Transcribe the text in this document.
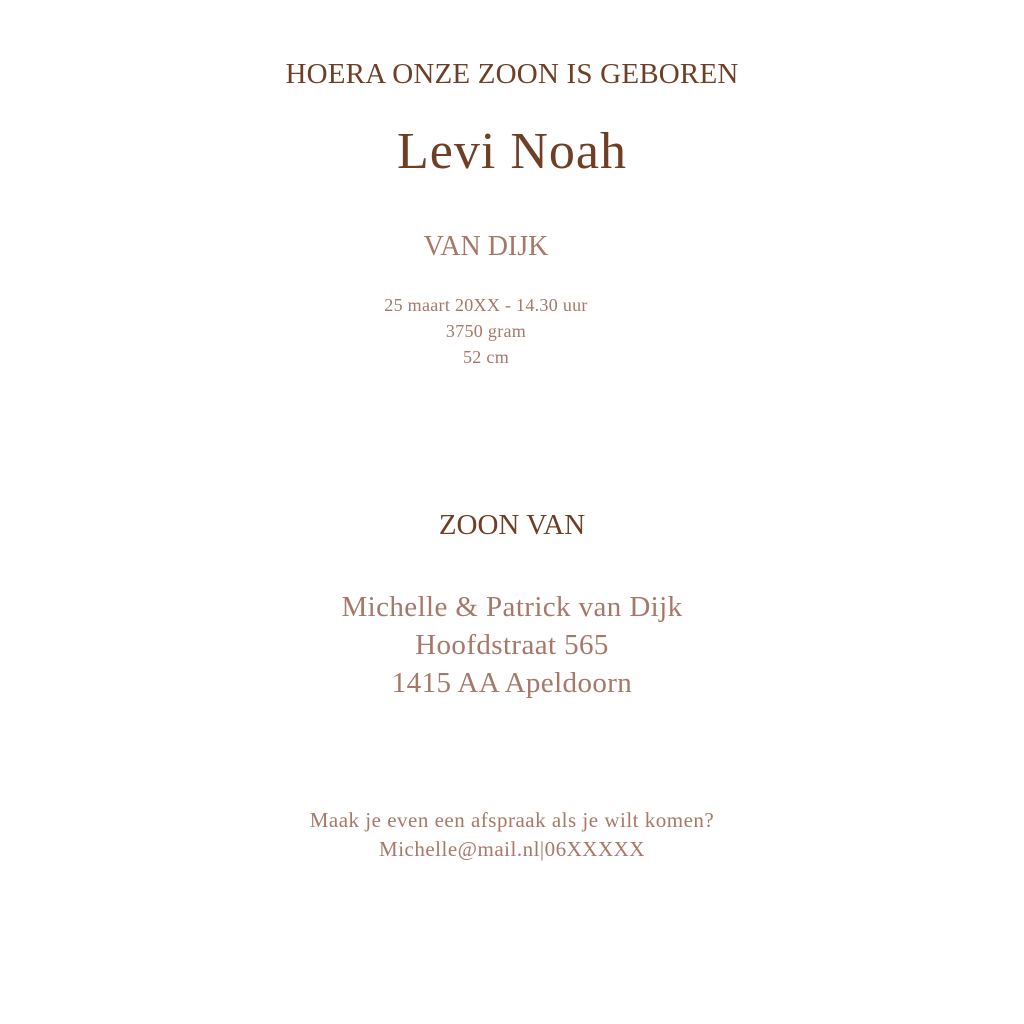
HOERA ONZE ZOON IS GEBOREN
Levi Noah
VAN DIJK
25 maart 20XX - 14.30 uur
3750 gram
52 cm
ZOON VAN
Michelle & Patrick van Dijk
Hoofdstraat 565
1415 AA Apeldoorn
Maak je even een afspraak als je wilt komen?
Michelle@mail.nl|06XXXXX
